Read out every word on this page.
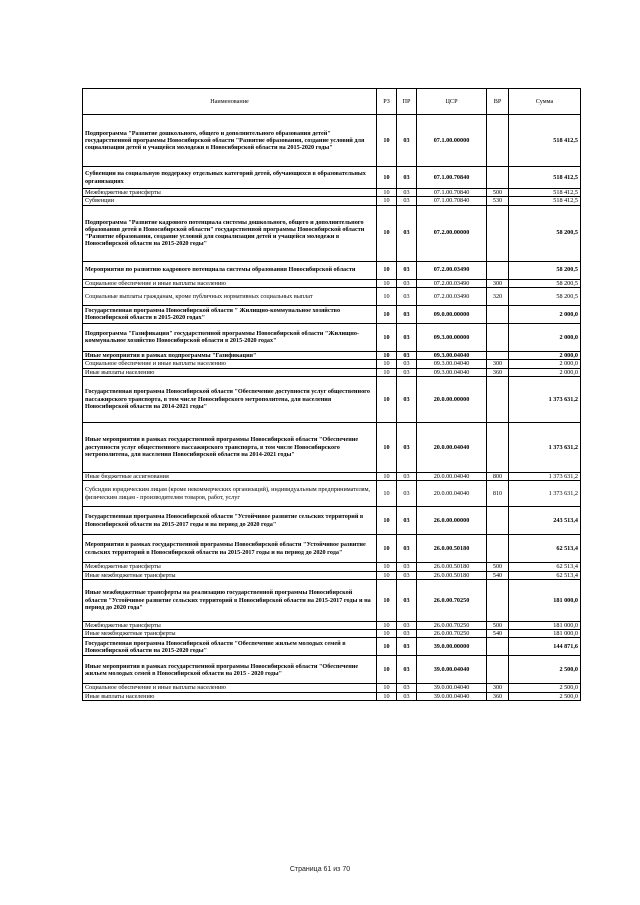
Наименование	РЗ	ПР	ЦСР	ВР	Сумма
Подпрограмма "Развитие дошкольного, общего и дополнительного образования детей" государственной программы Новосибирской области "Развитие образования, создание условий для социализации детей и учащейся молодежи в Новосибирской области на 2015-2020 годы"	10	03	07.1.00.00000		518 412,5
Субвенции на социальную поддержку отдельных категорий детей, обучающихся в образовательных организациях	10	03	07.1.00.70840		518 412,5
Межбюджетные трансферты	10	03	07.1.00.70840	500	518 412,5
Субвенции	10	03	07.1.00.70840	530	518 412,5
Подпрограмма "Развитие кадрового потенциала системы дошкольного, общего и дополнительного образования детей в Новосибирской области" государственной программы Новосибирской области "Развитие образования, создание условий для социализации детей и учащейся молодежи в Новосибирской области на 2015-2020 годы"	10	03	07.2.00.00000		58 200,5
Мероприятия по развитию кадрового потенциала системы образования Новосибирской области	10	03	07.2.00.03490		58 200,5
Социальное обеспечение и иные выплаты населению	10	03	07.2.00.03490	300	58 200,5
Социальные выплаты гражданам, кроме публичных нормативных социальных выплат	10	03	07.2.00.03490	320	58 200,5
Государственная программа Новосибирской области " Жилищно-коммунальное хозяйство Новосибирской области в 2015-2020 годах"	10	03	09.0.00.00000		2 000,0
Подпрограмма "Газификация" государственной программы Новосибирской области "Жилищно-коммунальное хозяйство Новосибирской области в 2015-2020 годах"	10	03	09.3.00.00000		2 000,0
Иные мероприятия в рамках подпрограммы "Газификация"	10	03	09.3.00.04040		2 000,0
Социальное обеспечение и иные выплаты населению	10	03	09.3.00.04040	300	2 000,0
Иные выплаты населению	10	03	09.3.00.04040	360	2 000,0
Государственная программа Новосибирской области "Обеспечение доступности услуг общественного пассажирского транспорта, в том числе Новосибирского метрополитена, для населения Новосибирской области на 2014-2021 годы"	10	03	20.0.00.00000		1 373 631,2
Иные мероприятия в рамках государственной программы Новосибирской области "Обеспечение доступности услуг общественного пассажирского транспорта, в том числе Новосибирского метрополитена, для населения Новосибирской области на 2014-2021 годы"	10	03	20.0.00.04040		1 373 631,2
Иные бюджетные ассигнования	10	03	20.0.00.04040	800	1 373 631,2
Субсидии юридическим лицам (кроме некоммерческих организаций), индивидуальным предпринимателям, физическим лицам - производителям товаров, работ, услуг	10	03	20.0.00.04040	810	1 373 631,2
Государственная программа Новосибирской области "Устойчивое развитие сельских территорий в Новосибирской области на 2015-2017 годы и на период до 2020 года"	10	03	26.0.00.00000		243 513,4
Мероприятия в рамках государственной программы Новосибирской области "Устойчивое развитие сельских территорий в Новосибирской области на 2015-2017 годы и на период до 2020 года"	10	03	26.0.00.50180		62 513,4
Межбюджетные трансферты	10	03	26.0.00.50180	500	62 513,4
Иные межбюджетные трансферты	10	03	26.0.00.50180	540	62 513,4
Иные межбюджетные трансферты на реализацию государственной программы Новосибирской области "Устойчивое развитие сельских территорий в Новосибирской области на 2015-2017 годы и на период до 2020 года"	10	03	26.0.00.70250		181 000,0
Межбюджетные трансферты	10	03	26.0.00.70250	500	181 000,0
Иные межбюджетные трансферты	10	03	26.0.00.70250	540	181 000,0
Государственная программа Новосибирской области "Обеспечение жильем молодых семей в Новосибирской области на 2015-2020 годы"	10	03	39.0.00.00000		144 871,6
Иные мероприятия в рамках государственной программы Новосибирской области "Обеспечение жильем молодых семей в Новосибирской области на 2015 - 2020 годы"	10	03	39.0.00.04040		2 500,0
Социальное обеспечение и иные выплаты населению	10	03	39.0.00.04040	300	2 500,0
Иные выплаты населению	10	03	39.0.00.04040	360	2 500,0
Страница 61 из 70
